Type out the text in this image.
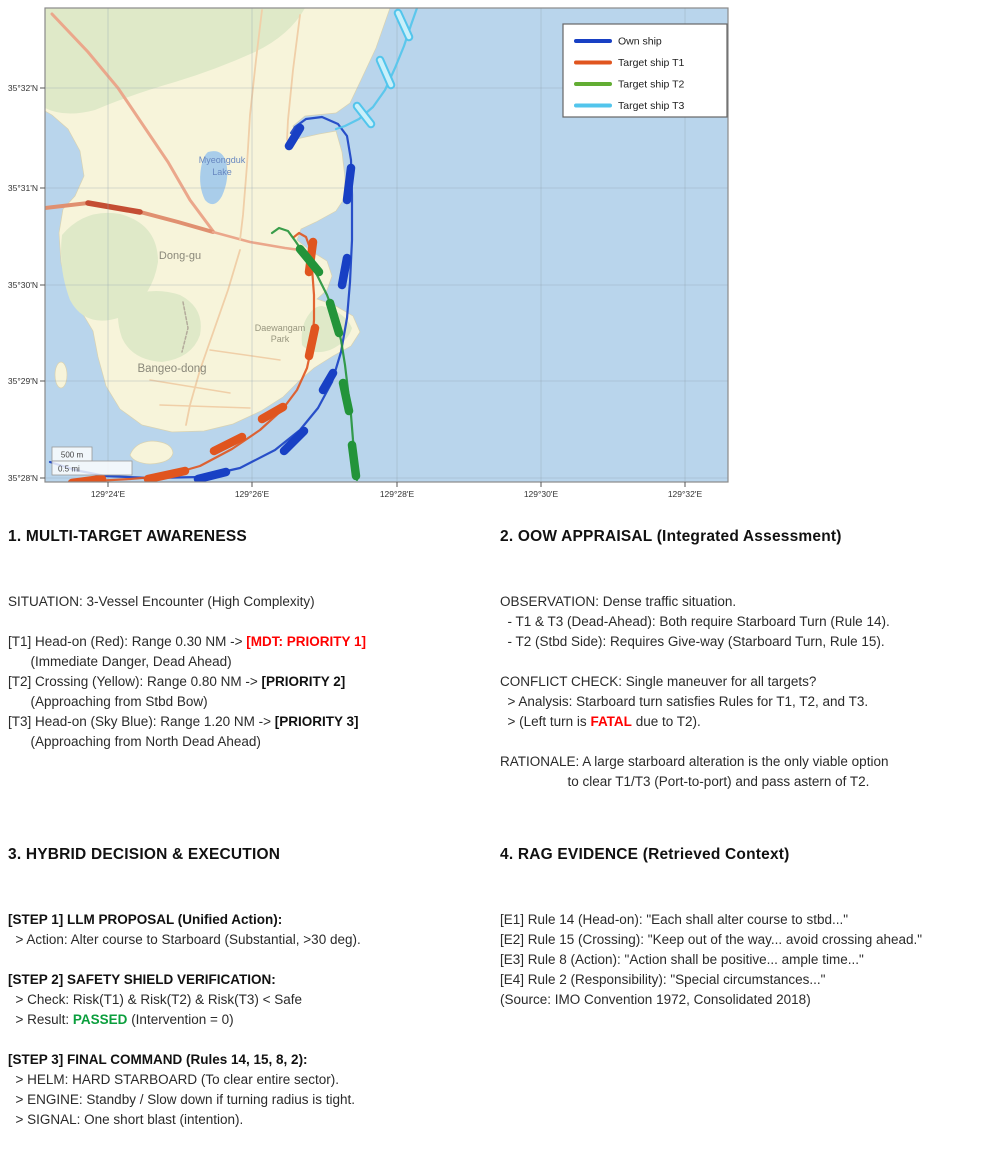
Myeongduk
Lake
Dong-gu
Bangeo-dong
Daewangam
Park
129°24'E	129°26'E	129°28'E	129°30'E	129°32'E
35°32'N
35°31'N
35°30'N
35°29'N
35°28'N
Own ship
Target ship T1
Target ship T2
Target ship T3
500 m
0.5 mi
1. MULTI-TARGET AWARENESS
SITUATION: 3-Vessel Encounter (High Complexity)
[T1] Head-on (Red): Range 0.30 NM -> [MDT: PRIORITY 1]
(Immediate Danger, Dead Ahead)
[T2] Crossing (Yellow): Range 0.80 NM -> [PRIORITY 2]
(Approaching from Stbd Bow)
[T3] Head-on (Sky Blue): Range 1.20 NM -> [PRIORITY 3]
(Approaching from North Dead Ahead)
2. OOW APPRAISAL (Integrated Assessment)
OBSERVATION: Dense traffic situation.
- T1 & T3 (Dead-Ahead): Both require Starboard Turn (Rule 14).
- T2 (Stbd Side): Requires Give-way (Starboard Turn, Rule 15).
CONFLICT CHECK: Single maneuver for all targets?
> Analysis: Starboard turn satisfies Rules for T1, T2, and T3.
> (Left turn is FATAL due to T2).
RATIONALE: A large starboard alteration is the only viable option
to clear T1/T3 (Port-to-port) and pass astern of T2.
3. HYBRID DECISION & EXECUTION
[STEP 1] LLM PROPOSAL (Unified Action):
> Action: Alter course to Starboard (Substantial, >30 deg).
[STEP 2] SAFETY SHIELD VERIFICATION:
> Check: Risk(T1) & Risk(T2) & Risk(T3) < Safe
> Result: PASSED (Intervention = 0)
[STEP 3] FINAL COMMAND (Rules 14, 15, 8, 2):
> HELM: HARD STARBOARD (To clear entire sector).
> ENGINE: Standby / Slow down if turning radius is tight.
> SIGNAL: One short blast (intention).
4. RAG EVIDENCE (Retrieved Context)
[E1] Rule 14 (Head-on): "Each shall alter course to stbd..."
[E2] Rule 15 (Crossing): "Keep out of the way... avoid crossing ahead."
[E3] Rule 8 (Action): "Action shall be positive... ample time..."
[E4] Rule 2 (Responsibility): "Special circumstances..."
(Source: IMO Convention 1972, Consolidated 2018)
